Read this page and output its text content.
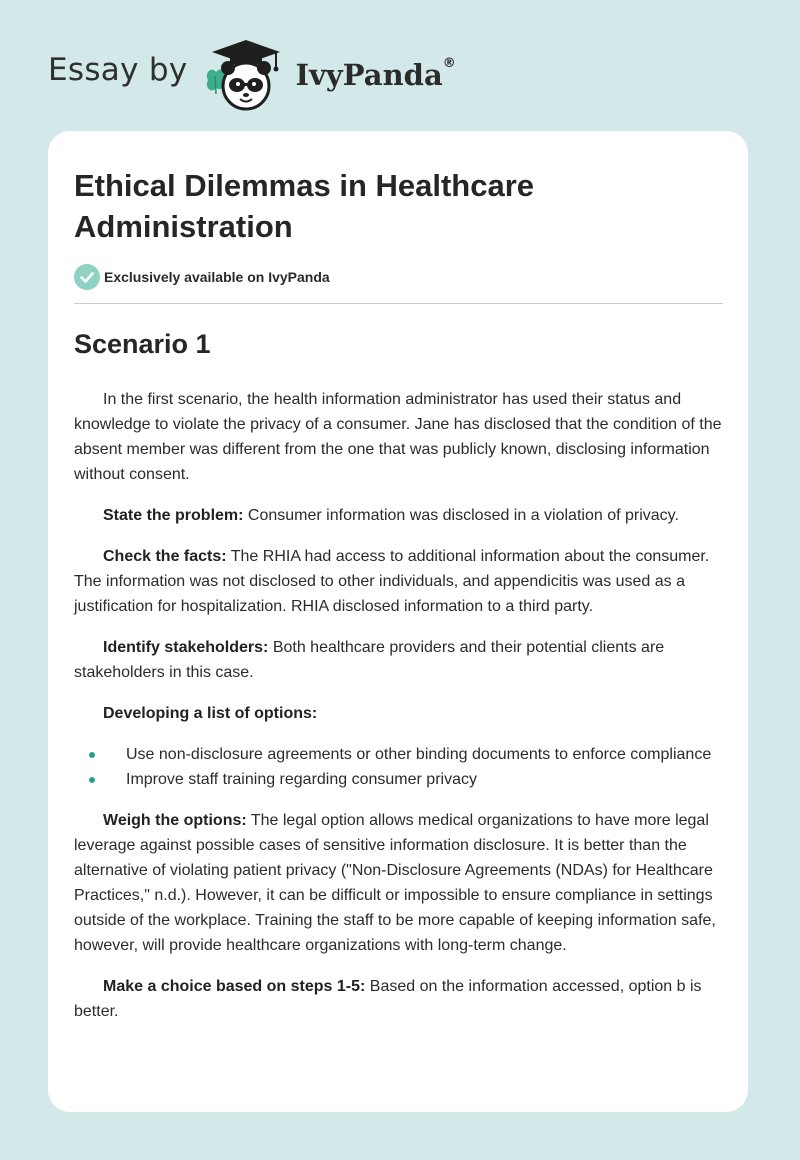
Essay by	IvyPanda®
Ethical Dilemmas in Healthcare Administration
Exclusively available on IvyPanda
Scenario 1

In the first scenario, the health information administrator has used their status and knowledge to violate the privacy of a consumer. Jane has disclosed that the condition of the absent member was different from the one that was publicly known, disclosing information without consent.

State the problem: Consumer information was disclosed in a violation of privacy.

Check the facts: The RHIA had access to additional information about the consumer. The information was not disclosed to other individuals, and appendicitis was used as a justification for hospitalization. RHIA disclosed information to a third party.

Identify stakeholders: Both healthcare providers and their potential clients are stakeholders in this case.

Developing a list of options:

Use non-disclosure agreements or other binding documents to enforce compliance
Improve staff training regarding consumer privacy

Weigh the options: The legal option allows medical organizations to have more legal leverage against possible cases of sensitive information disclosure. It is better than the alternative of violating patient privacy ("Non-Disclosure Agreements (NDAs) for Healthcare Practices," n.d.). However, it can be difficult or impossible to ensure compliance in settings outside of the workplace. Training the staff to be more capable of keeping information safe, however, will provide healthcare organizations with long-term change.

Make a choice based on steps 1-5: Based on the information accessed, option b is better.
